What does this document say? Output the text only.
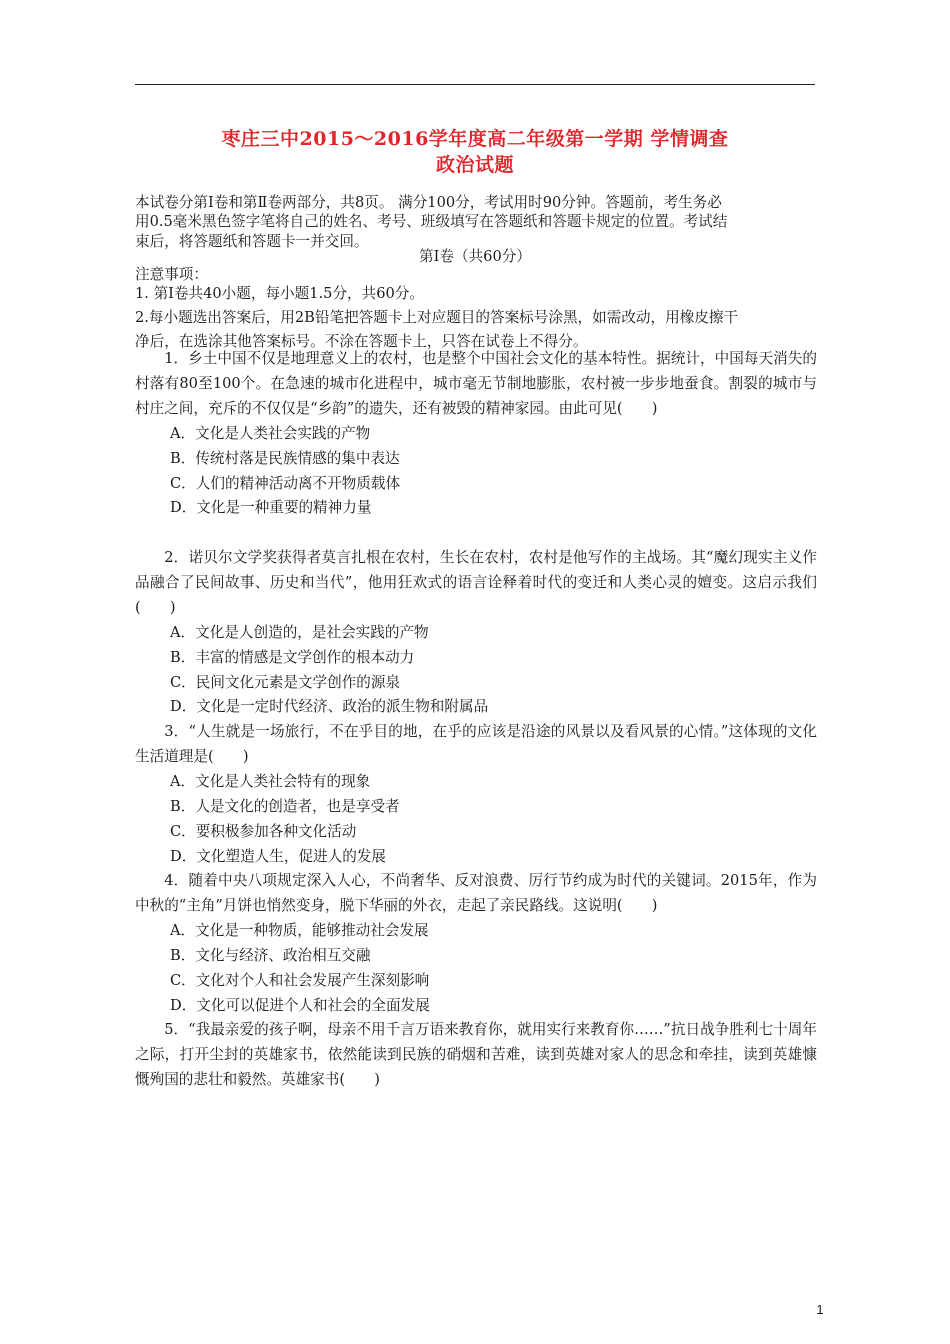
枣庄三中2015～2016学年度高二年级第一学期 学情调查
政治试题

本试卷分第Ⅰ卷和第Ⅱ卷两部分，共8页。 满分100分，考试用时90分钟。答题前，考生务必

用0.5毫米黑色签字笔将自己的姓名、考号、班级填写在答题纸和答题卡规定的位置。考试结

束后，将答题纸和答题卡一并交回。

第Ⅰ卷（共60分）

注意事项：

1. 第Ⅰ卷共40小题，每小题1.5分，共60分。

2.每小题选出答案后，用2B铅笔把答题卡上对应题目的答案标号涂黑，如需改动，用橡皮擦干

净后，在选涂其他答案标号。不涂在答题卡上，只答在试卷上不得分。

1．乡土中国不仅是地理意义上的农村，也是整个中国社会文化的基本特性。据统计，中国每天消失的村落有80至100个。在急速的城市化进程中，城市毫无节制地膨胀，农村被一步步地蚕食。割裂的城市与村庄之间，充斥的不仅仅是“乡韵”的遗失，还有被毁的精神家园。由此可见(　　)

A．文化是人类社会实践的产物

B．传统村落是民族情感的集中表达

C．人们的精神活动离不开物质载体

D．文化是一种重要的精神力量

2．诺贝尔文学奖获得者莫言扎根在农村，生长在农村，农村是他写作的主战场。其“魔幻现实主义作品融合了民间故事、历史和当代”，他用狂欢式的语言诠释着时代的变迁和人类心灵的嬗变。这启示我们(　　)

A．文化是人创造的，是社会实践的产物

B．丰富的情感是文学创作的根本动力

C．民间文化元素是文学创作的源泉

D．文化是一定时代经济、政治的派生物和附属品

3．“人生就是一场旅行，不在乎目的地，在乎的应该是沿途的风景以及看风景的心情。”这体现的文化生活道理是(　　)

A．文化是人类社会特有的现象

B．人是文化的创造者，也是享受者

C．要积极参加各种文化活动

D．文化塑造人生，促进人的发展

4．随着中央八项规定深入人心，不尚奢华、反对浪费、厉行节约成为时代的关键词。2015年，作为中秋的“主角”月饼也悄然变身，脱下华丽的外衣，走起了亲民路线。这说明(　　)

A．文化是一种物质，能够推动社会发展

B．文化与经济、政治相互交融

C．文化对个人和社会发展产生深刻影响

D．文化可以促进个人和社会的全面发展

5．“我最亲爱的孩子啊，母亲不用千言万语来教育你，就用实行来教育你……”抗日战争胜利七十周年之际，打开尘封的英雄家书，依然能读到民族的硝烟和苦难，读到英雄对家人的思念和牵挂，读到英雄慷慨殉国的悲壮和毅然。英雄家书(　　)

1
